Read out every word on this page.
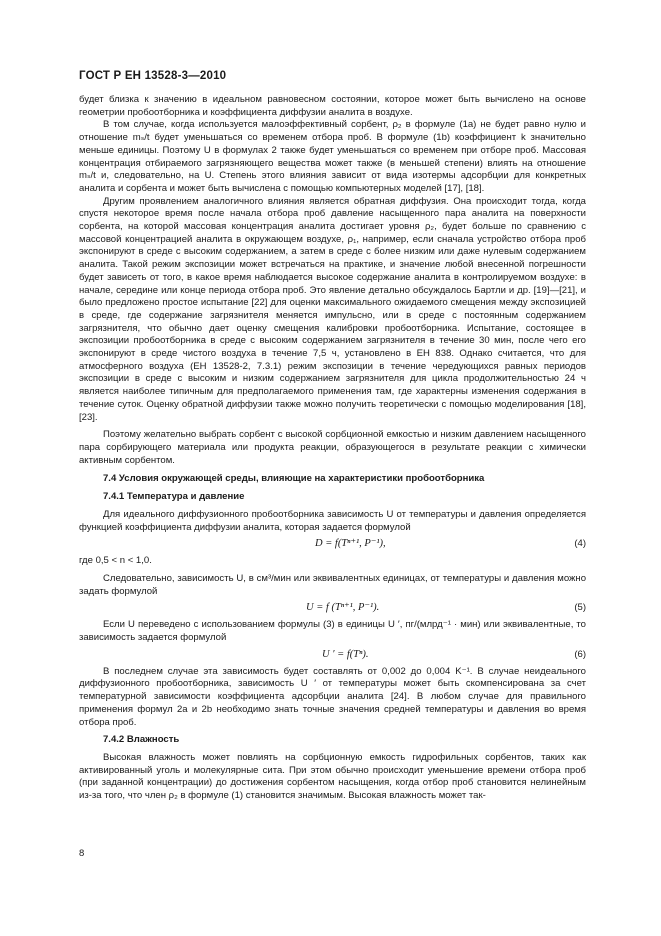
ГОСТ Р ЕН 13528-3—2010

будет близка к значению в идеальном равновесном состоянии, которое может быть вычислено на основе геометрии пробоотборника и коэффициента диффузии аналита в воздухе.

В том случае, когда используется малоэффективный сорбент, ρ₂ в формуле (1а) не будет равно нулю и отношение mₛ/t будет уменьшаться со временем отбора проб. В формуле (1b) коэффициент k значительно меньше единицы. Поэтому U в формулах 2 также будет уменьшаться со временем при отборе проб. Массовая концентрация отбираемого загрязняющего вещества может также (в меньшей степени) влиять на отношение mₛ/t и, следовательно, на U. Степень этого влияния зависит от вида изотермы адсорбции для конкретных аналита и сорбента и может быть вычислена с помощью компьютерных моделей [17], [18].

Другим проявлением аналогичного влияния является обратная диффузия. Она происходит тогда, когда спустя некоторое время после начала отбора проб давление насыщенного пара аналита на поверхности сорбента, на которой массовая концентрация аналита достигает уровня ρ₂, будет больше по сравнению с массовой концентрацией аналита в окружающем воздухе, ρ₁, например, если сначала устройство отбора проб экспонируют в среде с высоким содержанием, а затем в среде с более низким или даже нулевым содержанием аналита. Такой режим экспозиции может встречаться на практике, и значение любой внесенной погрешности будет зависеть от того, в какое время наблюдается высокое содержание аналита в контролируемом воздухе: в начале, середине или конце периода отбора проб. Это явление детально обсуждалось Бартли и др. [19]—[21], и было предложено простое испытание [22] для оценки максимального ожидаемого смещения между экспозицией в среде, где содержание загрязнителя меняется импульсно, или в среде с постоянным содержанием загрязнителя, что обычно дает оценку смещения калибровки пробоотборника. Испытание, состоящее в экспозиции пробоотборника в среде с высоким содержанием загрязнителя в течение 30 мин, после чего его экспонируют в среде чистого воздуха в течение 7,5 ч, установлено в ЕН 838. Однако считается, что для атмосферного воздуха (ЕН 13528-2, 7.3.1) режим экспозиции в течение чередующихся равных периодов экспозиции в среде с высоким и низким содержанием загрязнителя для цикла продолжительностью 24 ч является наиболее типичным для предполагаемого применения там, где характерны изменения содержания в течение суток. Оценку обратной диффузии также можно получить теоретически с помощью моделирования [18], [23].

Поэтому желательно выбрать сорбент с высокой сорбционной емкостью и низким давлением насыщенного пара сорбирующего материала или продукта реакции, образующегося в результате реакции с химически активным сорбентом.

7.4 Условия окружающей среды, влияющие на характеристики пробоотборника

7.4.1 Температура и давление

Для идеального диффузионного пробоотборника зависимость U от температуры и давления определяется функцией коэффициента диффузии аналита, которая задается формулой

D = f(Tⁿ⁺¹, P⁻¹),	(4)

где 0,5 < n < 1,0.

Следовательно, зависимость U, в см³/мин или эквивалентных единицах, от температуры и давления можно задать формулой

U = f (Tⁿ⁺¹, P⁻¹).	(5)

Если U переведено с использованием формулы (3) в единицы U ′, пг/(млрд⁻¹ · мин) или эквивалентные, то зависимость задается формулой

U ′ = f(Tⁿ).	(6)

В последнем случае эта зависимость будет составлять от 0,002 до 0,004 K⁻¹. В случае неидеального диффузионного пробоотборника, зависимость U ′ от температуры может быть скомпенсирована за счет температурной зависимости коэффициента адсорбции аналита [24]. В любом случае для правильного применения формул 2a и 2b необходимо знать точные значения средней температуры и давления во время отбора проб.

7.4.2 Влажность

Высокая влажность может повлиять на сорбционную емкость гидрофильных сорбентов, таких как активированный уголь и молекулярные сита. При этом обычно происходит уменьшение времени отбора проб (при заданной концентрации) до достижения сорбентом насыщения, когда отбор проб становится нелинейным из-за того, что член ρ₂ в формуле (1) становится значимым. Высокая влажность может так-

8
